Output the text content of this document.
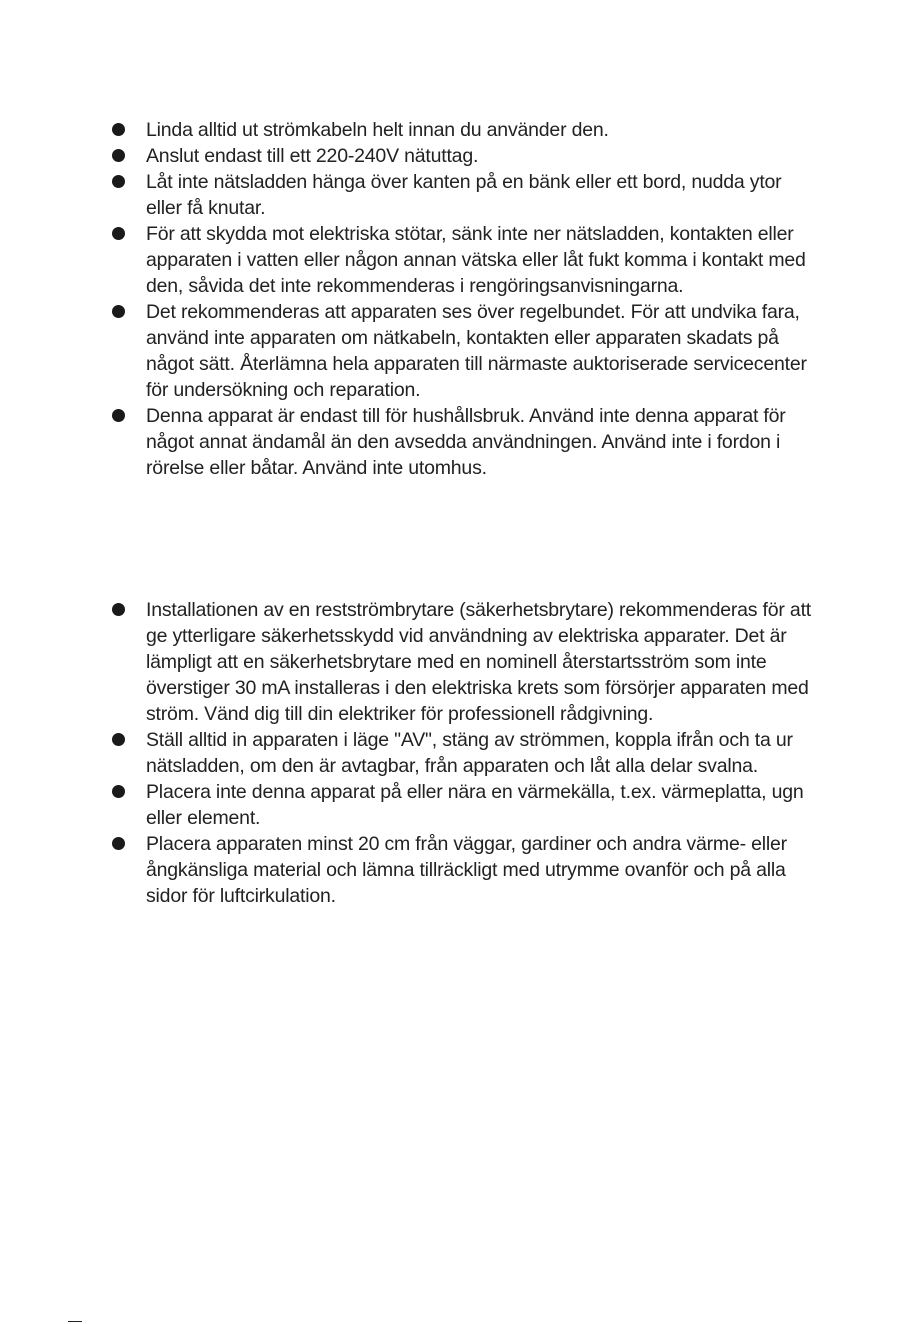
Linda alltid ut strömkabeln helt innan du använder den.
Anslut endast till ett 220-240V nätuttag.
Låt inte nätsladden hänga över kanten på en bänk eller ett bord, nudda ytor eller få knutar.
För att skydda mot elektriska stötar, sänk inte ner nätsladden, kontakten eller apparaten i vatten eller någon annan vätska eller låt fukt komma i kontakt med den, såvida det inte rekommenderas i rengöringsanvisningarna.
Det rekommenderas att apparaten ses över regelbundet. För att undvika fara, använd inte apparaten om nätkabeln, kontakten eller apparaten skadats på något sätt. Återlämna hela apparaten till närmaste auktoriserade servicecenter för undersökning och reparation.
Denna apparat är endast till för hushållsbruk. Använd inte denna apparat för något annat ändamål än den avsedda användningen. Använd inte i fordon i rörelse eller båtar. Använd inte utomhus.
Installationen av en restströmbrytare (säkerhetsbrytare) rekommenderas för att ge ytterligare säkerhetsskydd vid användning av elektriska apparater. Det är lämpligt att en säkerhetsbrytare med en nominell återstartsström som inte överstiger 30 mA installeras i den elektriska krets som försörjer apparaten med ström. Vänd dig till din elektriker för professionell rådgivning.
Ställ alltid in apparaten i läge "AV", stäng av strömmen, koppla ifrån och ta ur nätsladden, om den är avtagbar, från apparaten och låt alla delar svalna.
Placera inte denna apparat på eller nära en värmekälla, t.ex. värmeplatta, ugn eller element.
Placera apparaten minst 20 cm från väggar, gardiner och andra värme- eller ångkänsliga material och lämna tillräckligt med utrymme ovanför och på alla sidor för luftcirkulation.
